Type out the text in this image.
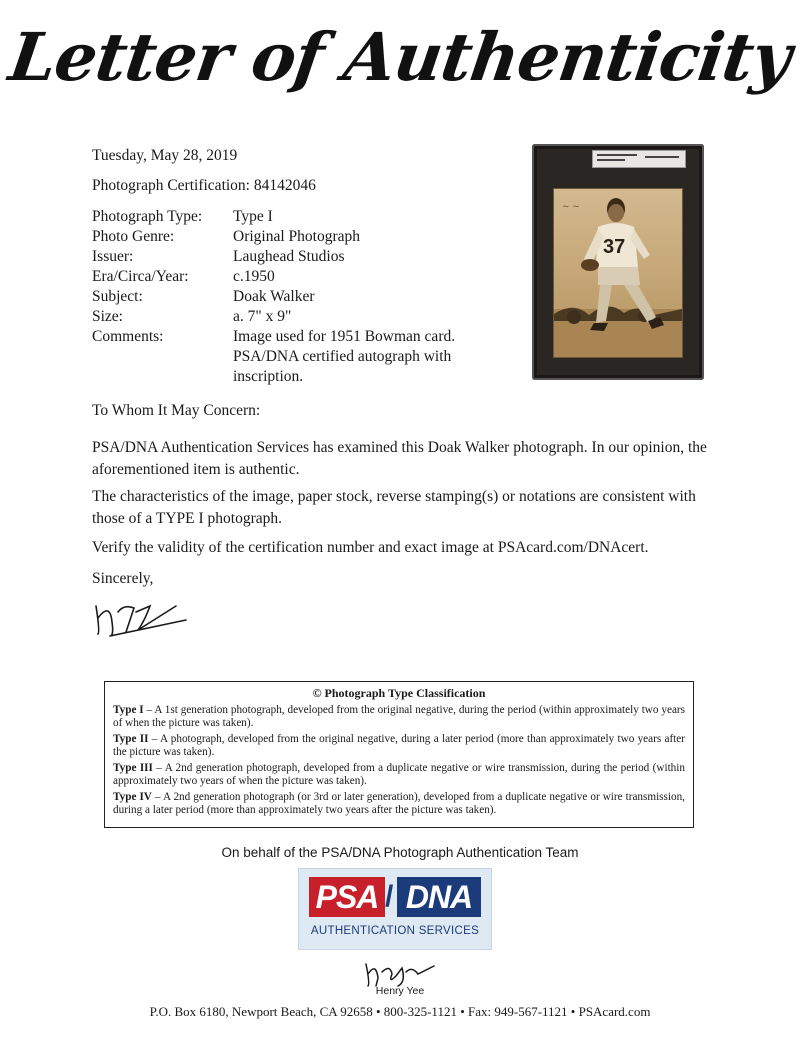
Letter of Authenticity
Tuesday, May 28, 2019
Photograph Certification: 84142046
Photograph Type:	Type I
Photo Genre:	Original Photograph
Issuer:	Laughead Studios
Era/Circa/Year:	c.1950
Subject:	Doak Walker
Size:	a. 7" x 9"
Comments:	Image used for 1951 Bowman card. PSA/DNA certified autograph with inscription.
37
~ ~
To Whom It May Concern:
PSA/DNA Authentication Services has examined this Doak Walker photograph. In our opinion, the aforementioned item is authentic.
The characteristics of the image, paper stock, reverse stamping(s) or notations are consistent with those of a TYPE I photograph.
Verify the validity of the certification number and exact image at PSAcard.com/DNAcert.
Sincerely,
© Photograph Type Classification
Type I – A 1st generation photograph, developed from the original negative, during the period (within approximately two years of when the picture was taken).
Type II – A photograph, developed from the original negative, during a later period (more than approximately two years after the picture was taken).
Type III – A 2nd generation photograph, developed from a duplicate negative or wire transmission, during the period (within approximately two years of when the picture was taken).
Type IV – A 2nd generation photograph (or 3rd or later generation), developed from a duplicate negative or wire transmission, during a later period (more than approximately two years after the picture was taken).
On behalf of the PSA/DNA Photograph Authentication Team
PSA / DNA
AUTHENTICATION SERVICES
Henry Yee
P.O. Box 6180, Newport Beach, CA 92658 • 800-325-1121 • Fax: 949-567-1121 • PSAcard.com
